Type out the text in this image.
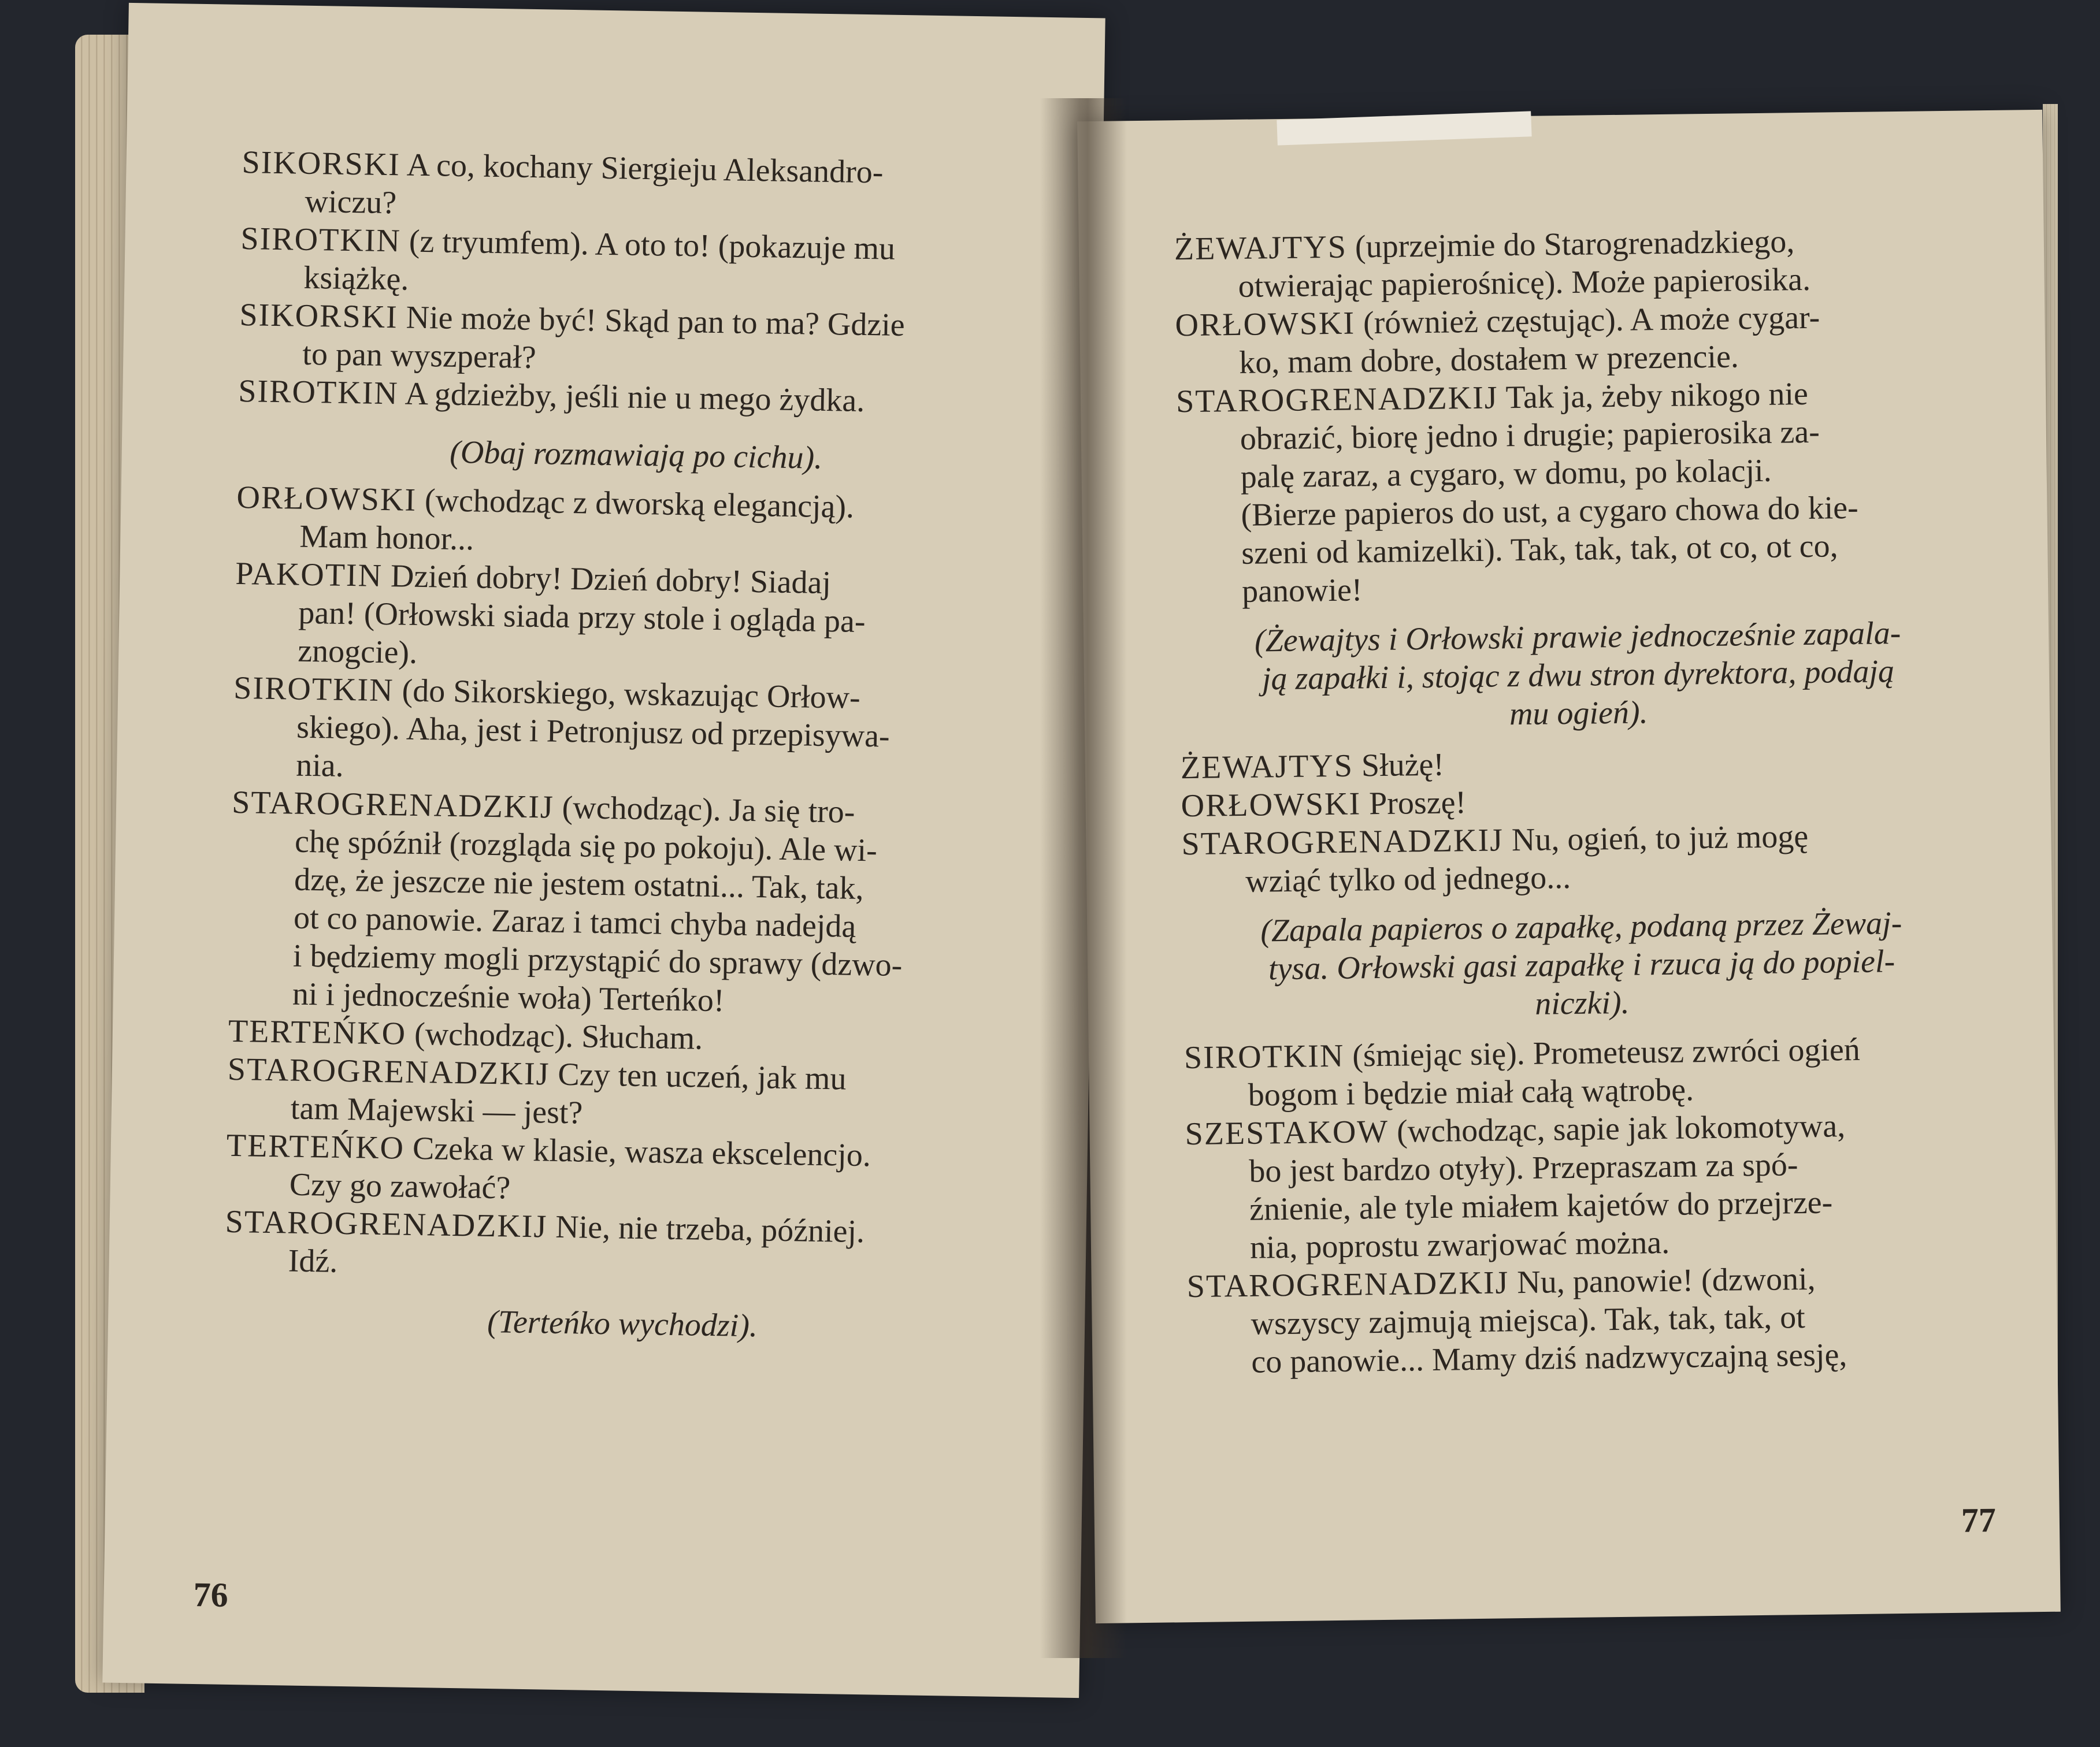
SIKORSKI A co, kochany Siergieju Aleksandro-
wiczu?
SIROTKIN (z tryumfem). A oto to! (pokazuje mu
książkę.
SIKORSKI Nie może być! Skąd pan to ma? Gdzie
to pan wyszperał?
SIROTKIN A gdzieżby, jeśli nie u mego żydka.
(Obaj rozmawiają po cichu).
ORŁOWSKI (wchodząc z dworską elegancją).
Mam honor...
PAKOTIN Dzień dobry! Dzień dobry! Siadaj
pan! (Orłowski siada przy stole i ogląda pa-
znogcie).
SIROTKIN (do Sikorskiego, wskazując Orłow-
skiego). Aha, jest i Petronjusz od przepisywa-
nia.
STAROGRENADZKIJ (wchodząc). Ja się tro-
chę spóźnił (rozgląda się po pokoju). Ale wi-
dzę, że jeszcze nie jestem ostatni... Tak, tak,
ot co panowie. Zaraz i tamci chyba nadejdą
i będziemy mogli przystąpić do sprawy (dzwo-
ni i jednocześnie woła) Terteńko!
TERTEŃKO (wchodząc). Słucham.
STAROGRENADZKIJ Czy ten uczeń, jak mu
tam Majewski — jest?
TERTEŃKO Czeka w klasie, wasza ekscelencjo.
Czy go zawołać?
STAROGRENADZKIJ Nie, nie trzeba, później.
Idź.
(Terteńko wychodzi).
76
ŻEWAJTYS (uprzejmie do Starogrenadzkiego,
otwierając papierośnicę). Może papierosika.
ORŁOWSKI (również częstując). A może cygar-
ko, mam dobre, dostałem w prezencie.
STAROGRENADZKIJ Tak ja, żeby nikogo nie
obrazić, biorę jedno i drugie; papierosika za-
palę zaraz, a cygaro, w domu, po kolacji.
(Bierze papieros do ust, a cygaro chowa do kie-
szeni od kamizelki). Tak, tak, tak, ot co, ot co,
panowie!
(Żewajtys i Orłowski prawie jednocześnie zapala-
ją zapałki i, stojąc z dwu stron dyrektora, podają
mu ogień).
ŻEWAJTYS Służę!
ORŁOWSKI Proszę!
STAROGRENADZKIJ Nu, ogień, to już mogę
wziąć tylko od jednego...
(Zapala papieros o zapałkę, podaną przez Żewaj-
tysa. Orłowski gasi zapałkę i rzuca ją do popiel-
niczki).
SIROTKIN (śmiejąc się). Prometeusz zwróci ogień
bogom i będzie miał całą wątrobę.
SZESTAKOW (wchodząc, sapie jak lokomotywa,
bo jest bardzo otyły). Przepraszam za spó-
źnienie, ale tyle miałem kajetów do przejrze-
nia, poprostu zwarjować można.
STAROGRENADZKIJ Nu, panowie! (dzwoni,
wszyscy zajmują miejsca). Tak, tak, tak, ot
co panowie... Mamy dziś nadzwyczajną sesję,
77
